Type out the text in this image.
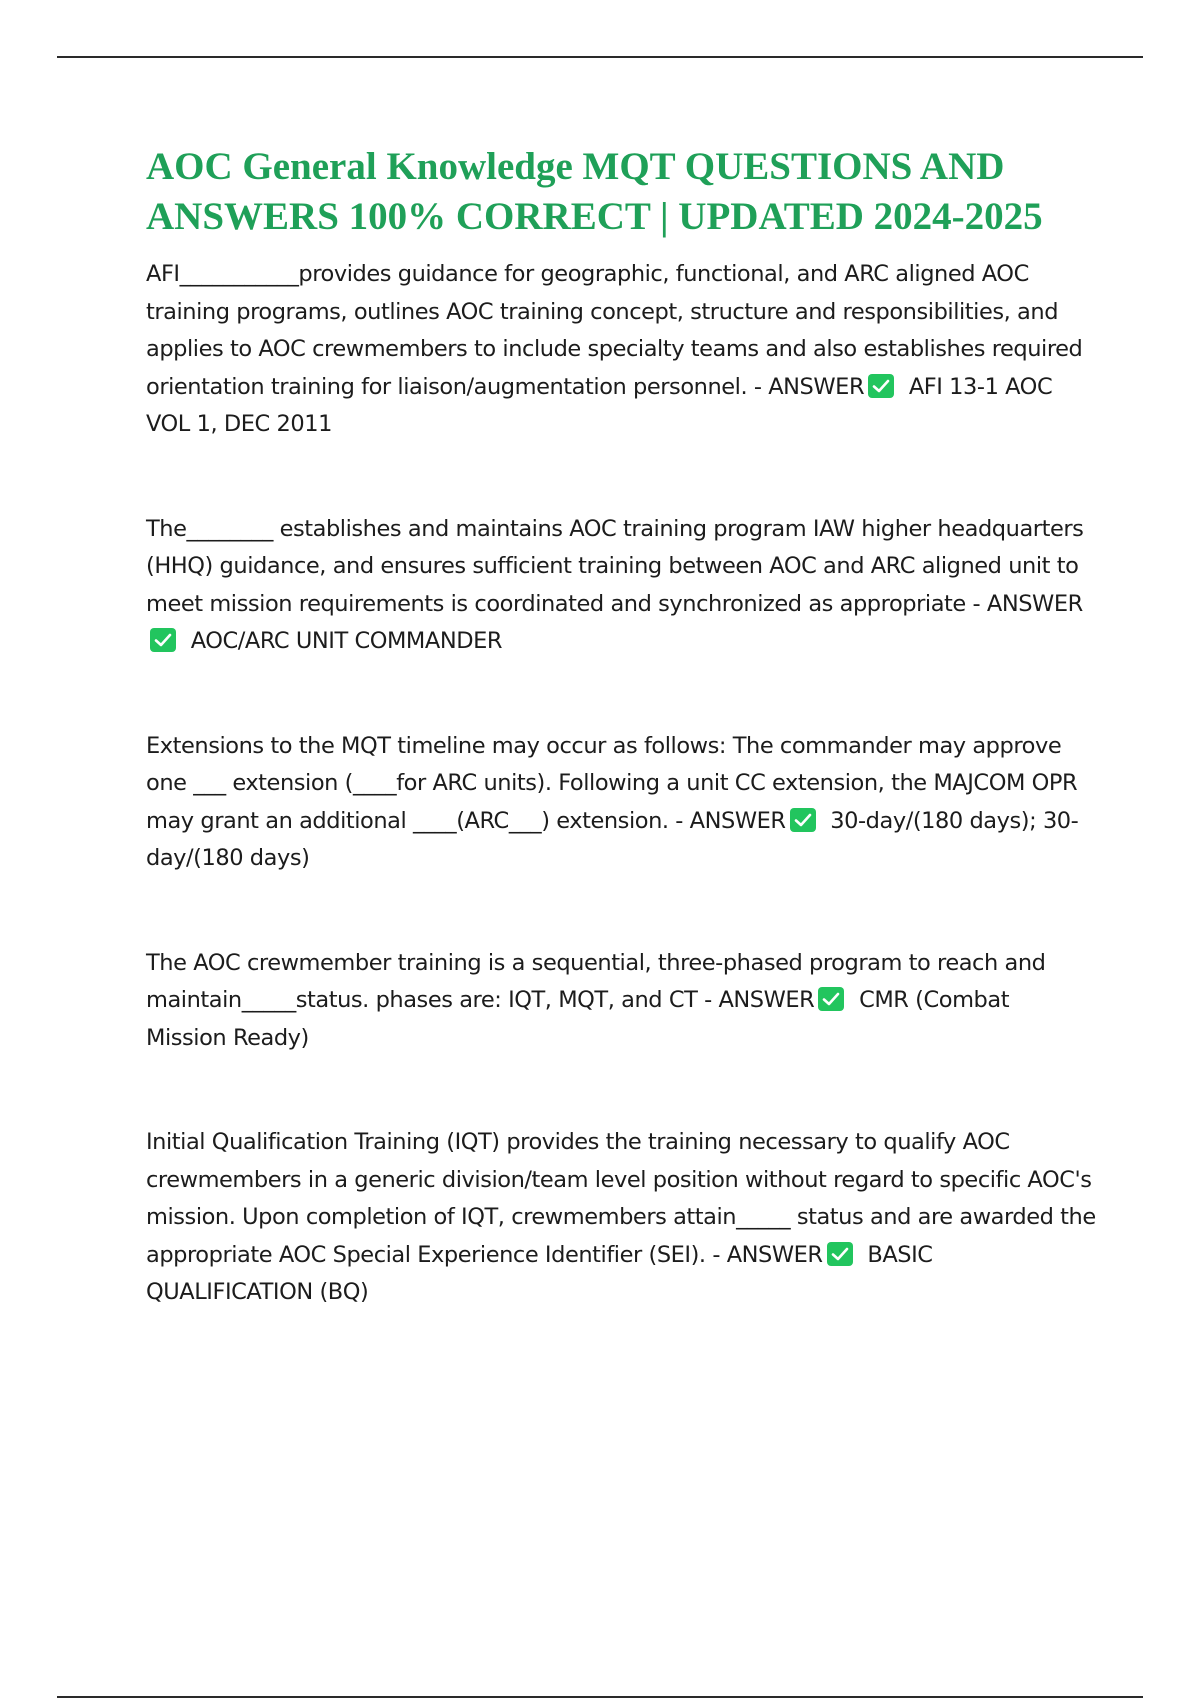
AOC General Knowledge MQT QUESTIONS AND ANSWERS 100% CORRECT | UPDATED 2024-2025

AFI___________provides guidance for geographic, functional, and ARC aligned AOC training programs, outlines AOC training concept, structure and responsibilities, and applies to AOC crewmembers to include specialty teams and also establishes required orientation training for liaison/augmentation personnel. - ANSWER AFI 13-1 AOC VOL 1, DEC 2011

The________ establishes and maintains AOC training program IAW higher headquarters (HHQ) guidance, and ensures sufficient training between AOC and ARC aligned unit to meet mission requirements is coordinated and synchronized as appropriate - ANSWER
AOC/ARC UNIT COMMANDER

Extensions to the MQT timeline may occur as follows: The commander may approve one ___ extension (____for ARC units). Following a unit CC extension, the MAJCOM OPR may grant an additional ____(ARC___) extension. - ANSWER 30-day/(180 days); 30-day/(180 days)

The AOC crewmember training is a sequential, three-phased program to reach and maintain_____status. phases are: IQT, MQT, and CT - ANSWER CMR (Combat Mission Ready)

Initial Qualification Training (IQT) provides the training necessary to qualify AOC crewmembers in a generic division/team level position without regard to specific AOC's mission. Upon completion of IQT, crewmembers attain_____ status and are awarded the appropriate AOC Special Experience Identifier (SEI). - ANSWER BASIC QUALIFICATION (BQ)
